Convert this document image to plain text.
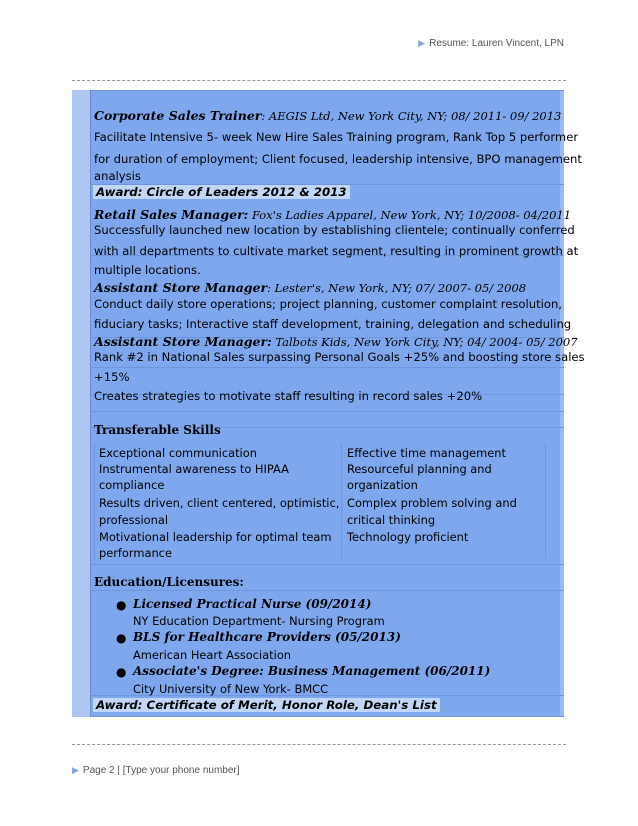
▶ Resume: Lauren Vincent, LPN
Corporate Sales Trainer: AEGIS Ltd, New York City, NY; 08/ 2011- 09/ 2013
Facilitate Intensive 5- week New Hire Sales Training program, Rank Top 5 performer
for duration of employment; Client focused, leadership intensive, BPO management
analysis
Award: Circle of Leaders 2012 & 2013
Retail Sales Manager: Fox's Ladies Apparel, New York, NY; 10/2008- 04/2011
Successfully launched new location by establishing clientele; continually conferred
with all departments to cultivate market segment, resulting in prominent growth at
multiple locations.
Assistant Store Manager: Lester's, New York, NY; 07/ 2007- 05/ 2008
Conduct daily store operations; project planning, customer complaint resolution,
fiduciary tasks; Interactive staff development, training, delegation and scheduling
Assistant Store Manager: Talbots Kids, New York City, NY; 04/ 2004- 05/ 2007
Rank #2 in National Sales surpassing Personal Goals +25% and boosting store sales
+15%
Creates strategies to motivate staff resulting in record sales +20%
Transferable Skills
Exceptional communication
Instrumental awareness to HIPAA
compliance
Results driven, client centered, optimistic,
professional
Motivational leadership for optimal team
performance
Effective time management
Resourceful planning and
organization
Complex problem solving and
critical thinking
Technology proficient
Education/Licensures:
● Licensed Practical Nurse (09/2014)
NY Education Department- Nursing Program
● BLS for Healthcare Providers (05/2013)
American Heart Association
● Associate's Degree: Business Management (06/2011)
City University of New York- BMCC
Award: Certificate of Merit, Honor Role, Dean's List
▶ Page 2 | [Type your phone number]
